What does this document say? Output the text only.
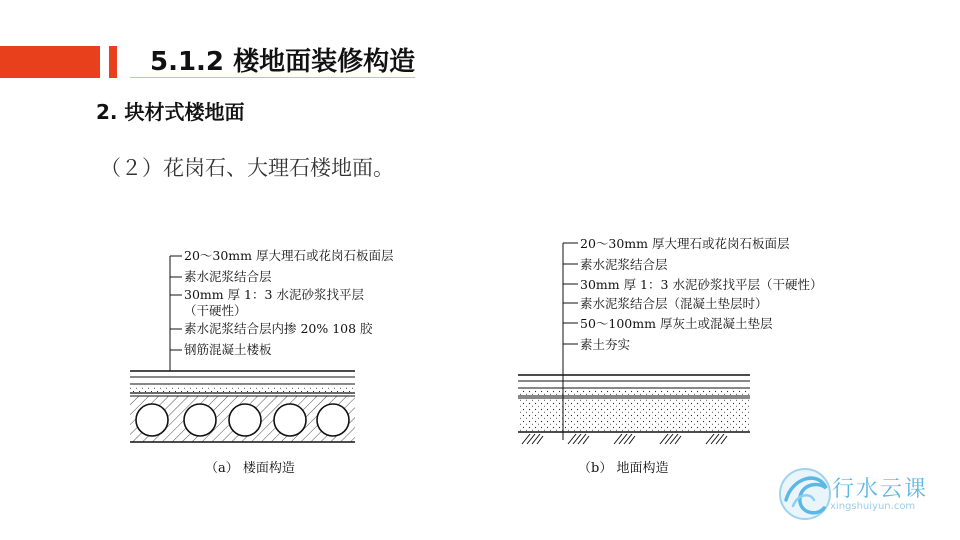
5.1.2 楼地面装修构造
2. 块材式楼地面
（２）花岗石、大理石楼地面。
20～30mm 厚大理石或花岗石板面层
素水泥浆结合层
30mm 厚 1：3 水泥砂浆找平层
（干硬性）
素水泥浆结合层内掺 20% 108 胶
钢筋混凝土楼板
20～30mm 厚大理石或花岗石板面层
素水泥浆结合层
30mm 厚 1：3 水泥砂浆找平层（干硬性）
素水泥浆结合层（混凝土垫层时）
50～100mm 厚灰土或混凝土垫层
素土夯实
（a） 楼面构造	（b） 地面构造
行水云课
xingshuiyun.com
